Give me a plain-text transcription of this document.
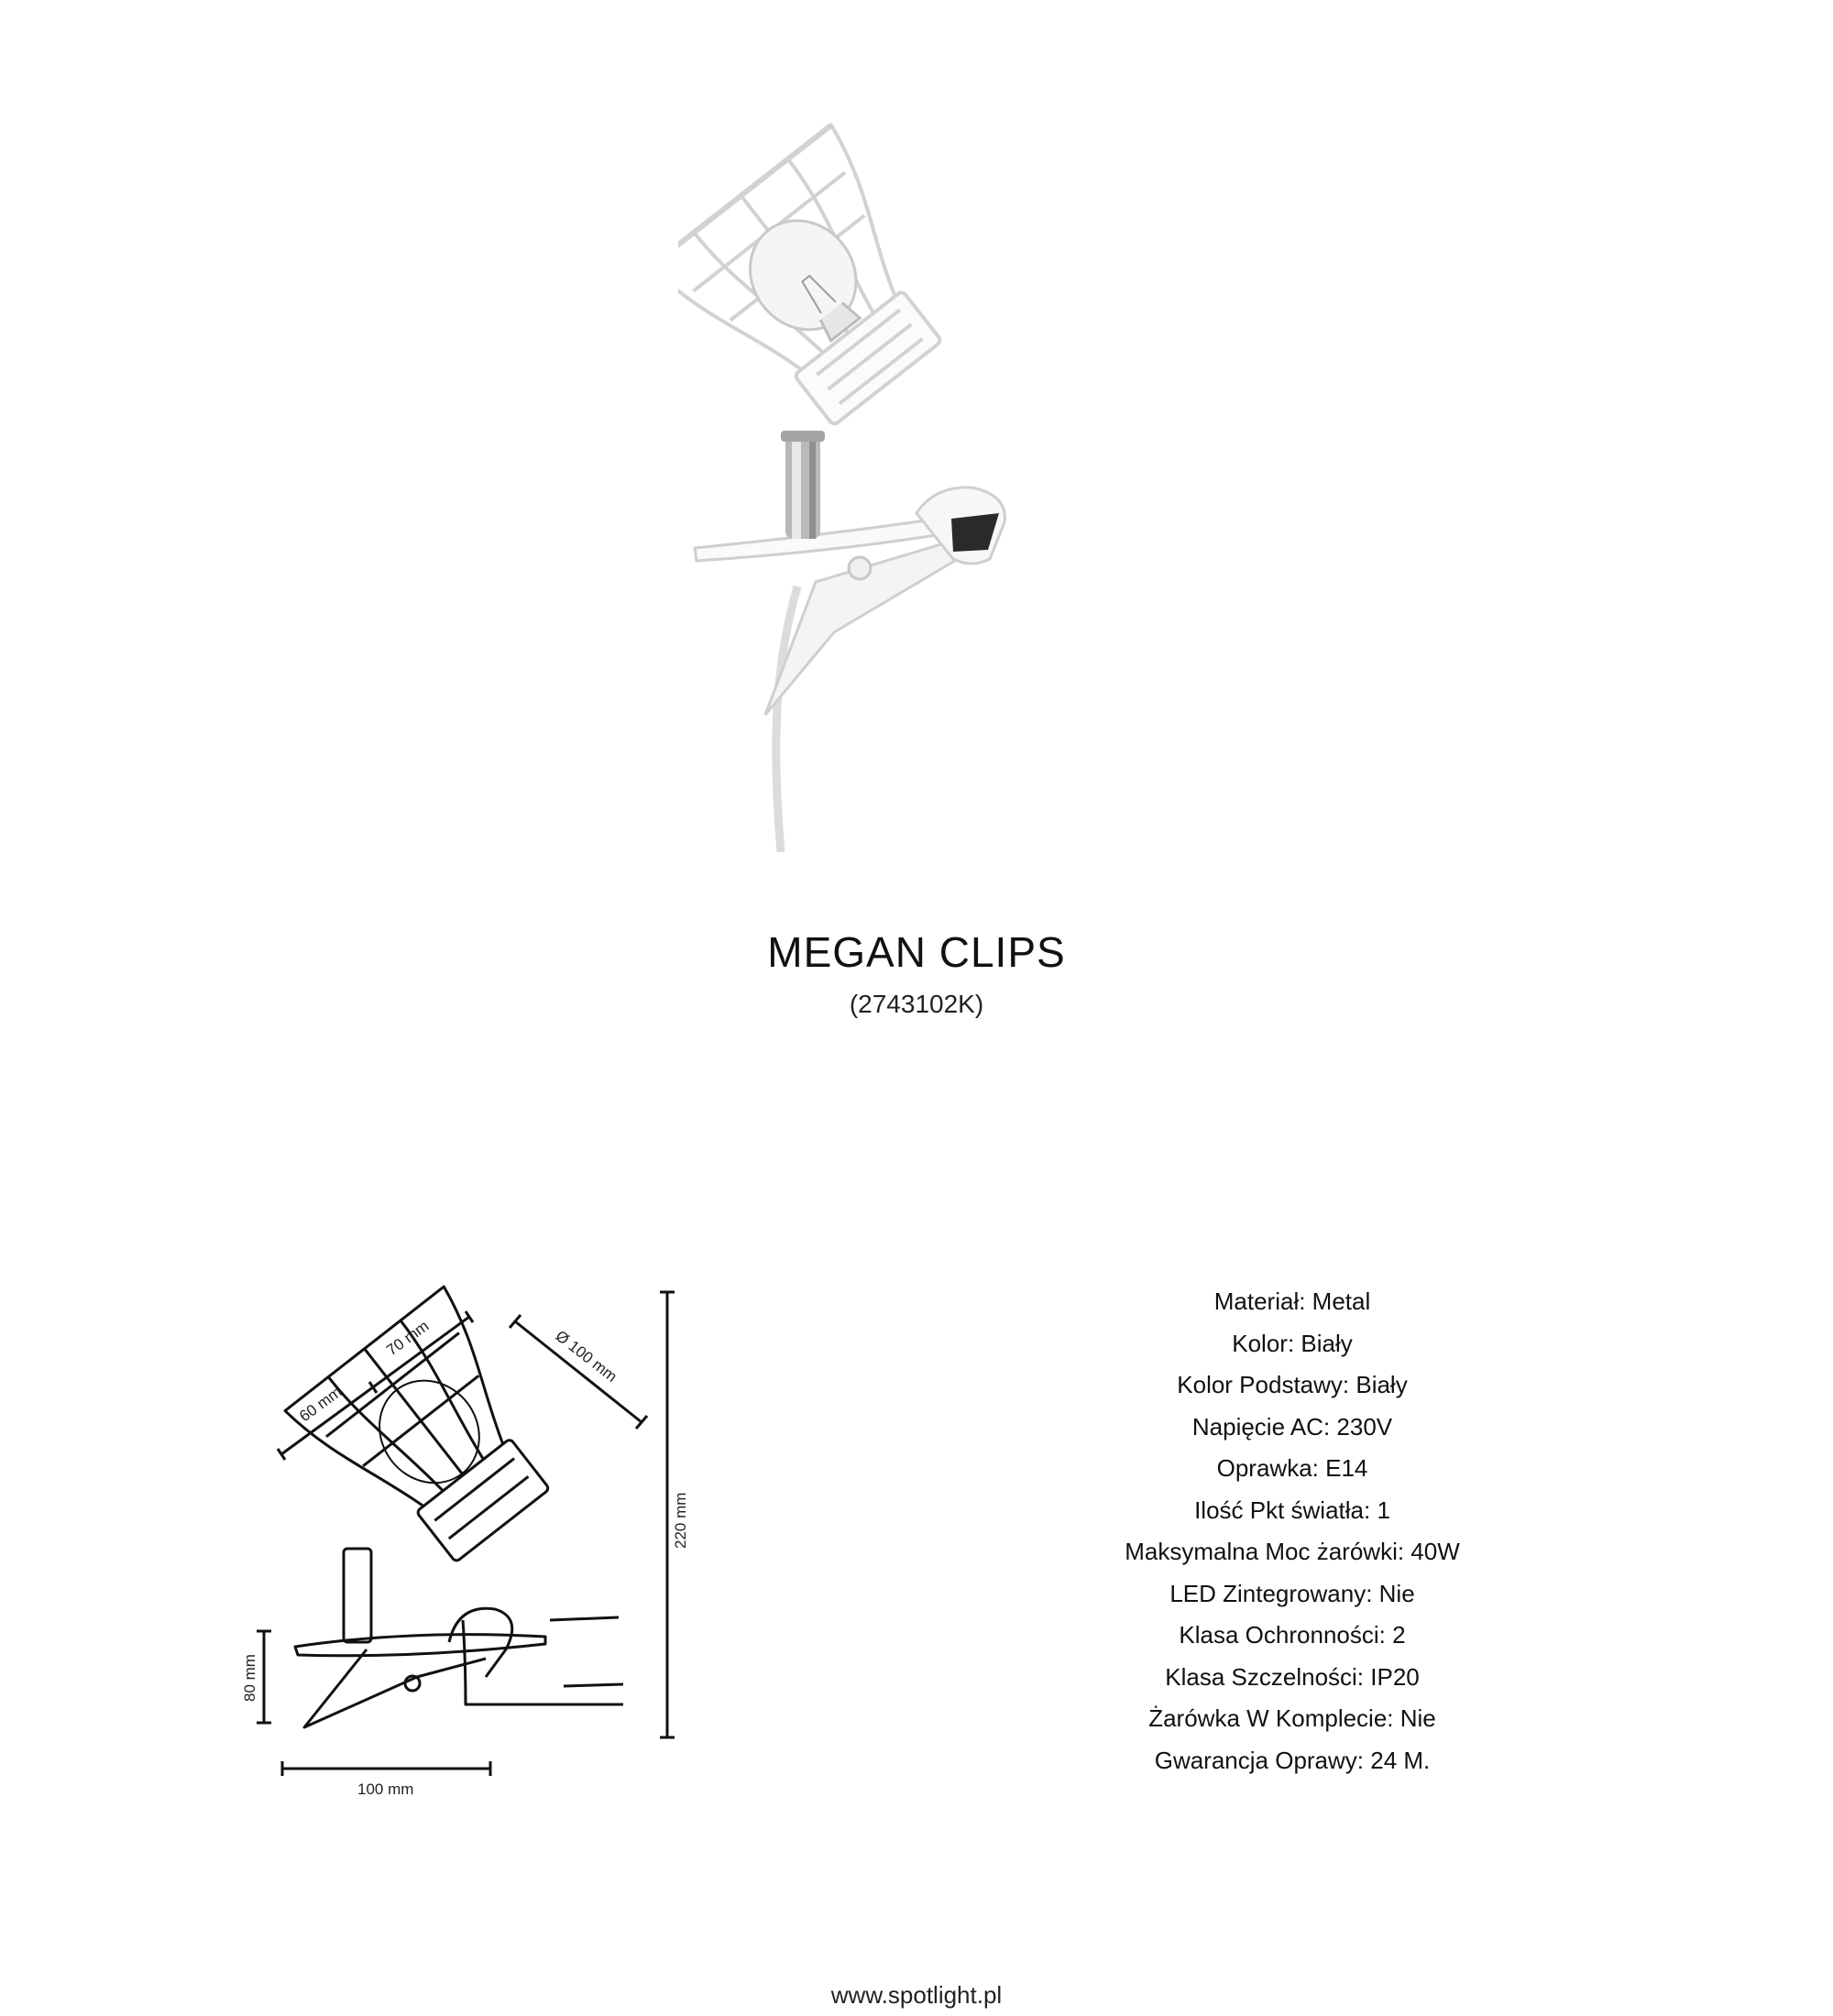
MEGAN CLIPS
(2743102K)
60 mm
70 mm	Ø 100 mm
220 mm
80 mm
100 mm
Materiał: Metal
Kolor: Biały
Kolor Podstawy: Biały
Napięcie AC: 230V
Oprawka: E14
Ilość Pkt światła: 1
Maksymalna Moc żarówki: 40W
LED Zintegrowany: Nie
Klasa Ochronności: 2
Klasa Szczelności: IP20
Żarówka W Komplecie: Nie
Gwarancja Oprawy: 24 M.
www.spotlight.pl
